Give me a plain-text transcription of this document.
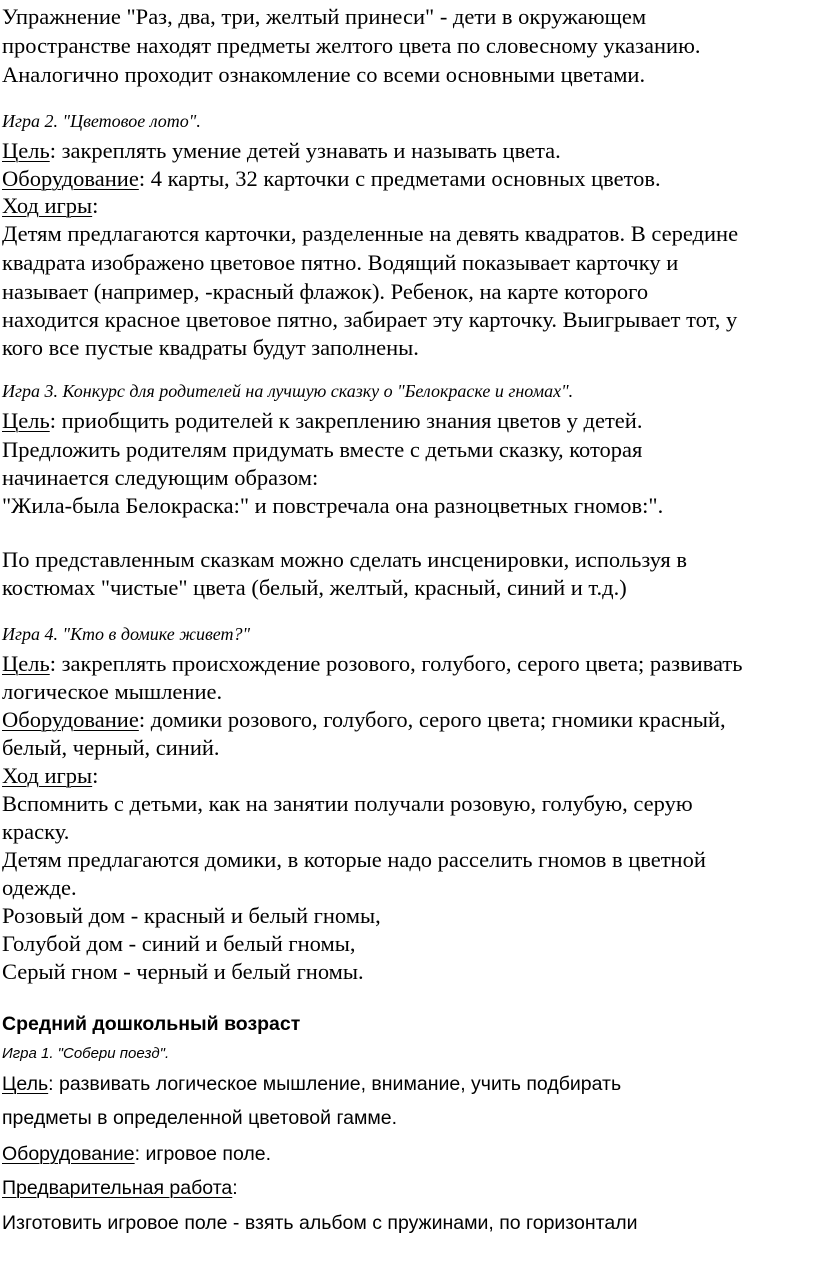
Упражнение "Раз, два, три, желтый принеси" - дети в окружающем
пространстве находят предметы желтого цвета по словесному указанию.
Аналогично проходит ознакомление со всеми основными цветами.
Игра 2. "Цветовое лото".
Цель: закреплять умение детей узнавать и называть цвета.
Оборудование: 4 карты, 32 карточки с предметами основных цветов.
Ход игры:
Детям предлагаются карточки, разделенные на девять квадратов. В середине
квадрата изображено цветовое пятно. Водящий показывает карточку и
называет (например, -красный флажок). Ребенок, на карте которого
находится красное цветовое пятно, забирает эту карточку. Выигрывает тот, у
кого все пустые квадраты будут заполнены.
Игра 3. Конкурс для родителей на лучшую сказку о "Белокраске и гномах".
Цель: приобщить родителей к закреплению знания цветов у детей.
Предложить родителям придумать вместе с детьми сказку, которая
начинается следующим образом:
"Жила-была Белокраска:" и повстречала она разноцветных гномов:".
По представленным сказкам можно сделать инсценировки, используя в
костюмах "чистые" цвета (белый, желтый, красный, синий и т.д.)
Игра 4. "Кто в домике живет?"
Цель: закреплять происхождение розового, голубого, серого цвета; развивать
логическое мышление.
Оборудование: домики розового, голубого, серого цвета; гномики красный,
белый, черный, синий.
Ход игры:
Вспомнить с детьми, как на занятии получали розовую, голубую, серую
краску.
Детям предлагаются домики, в которые надо расселить гномов в цветной
одежде.
Розовый дом - красный и белый гномы,
Голубой дом - синий и белый гномы,
Серый гном - черный и белый гномы.
Средний дошкольный возраст
Игра 1. "Собери поезд".
Цель: развивать логическое мышление, внимание, учить подбирать
предметы в определенной цветовой гамме.
Оборудование: игровое поле.
Предварительная работа:
Изготовить игровое поле - взять альбом с пружинами, по горизонтали
